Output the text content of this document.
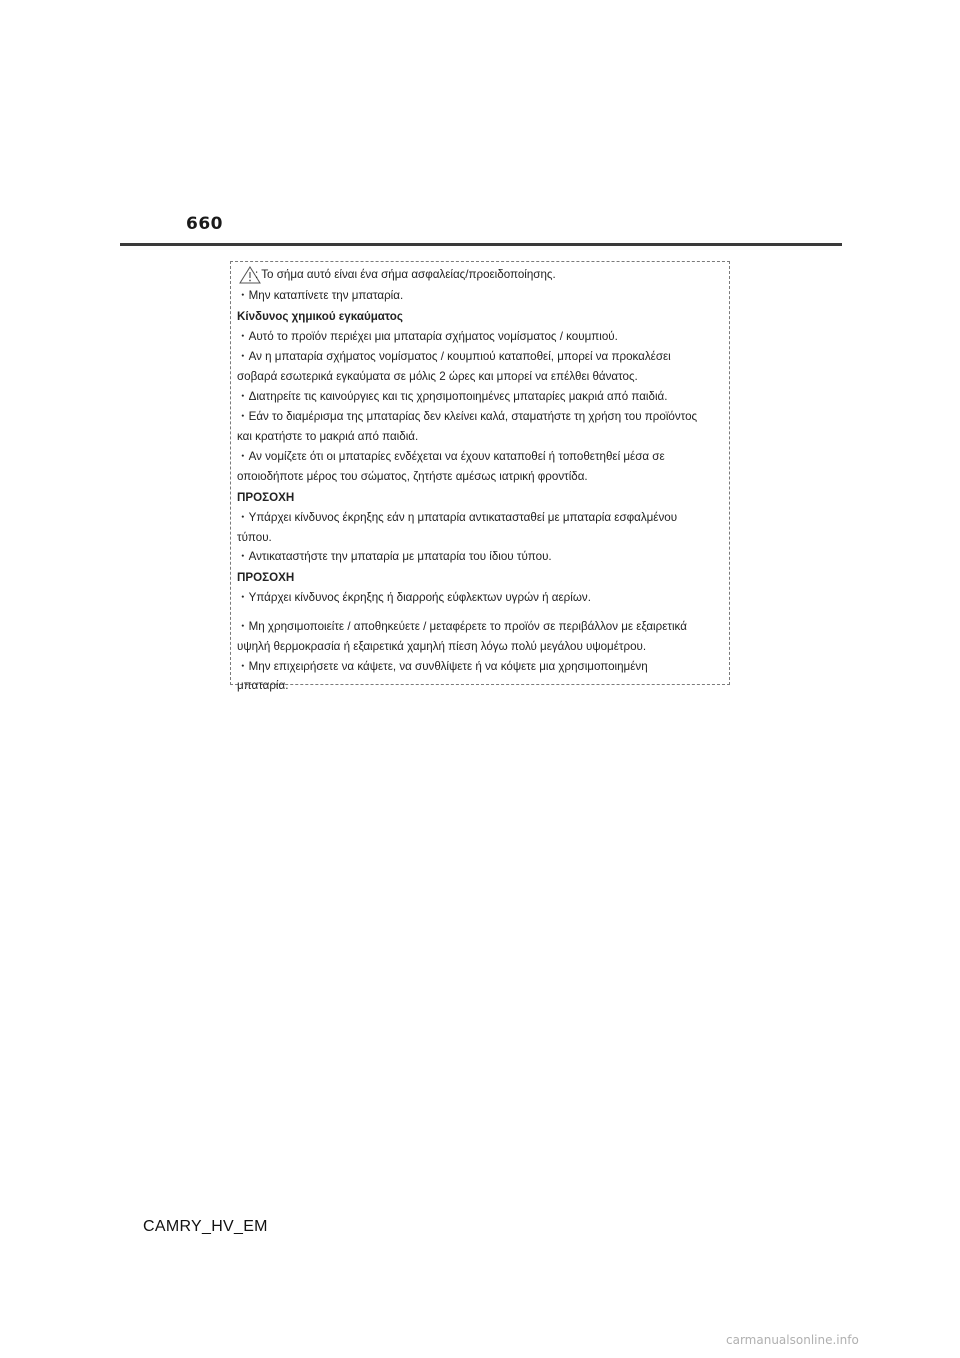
660
: Το σήμα αυτό είναι ένα σήμα ασφαλείας/προειδοποίησης.
・Μην καταπίνετε την μπαταρία.
Κίνδυνος χημικού εγκαύματος
・Αυτό το προϊόν περιέχει μια μπαταρία σχήματος νομίσματος / κουμπιού.
・Αν η μπαταρία σχήματος νομίσματος / κουμπιού καταποθεί, μπορεί να προκαλέσει
σοβαρά εσωτερικά εγκαύματα σε μόλις 2 ώρες και μπορεί να επέλθει θάνατος.
・Διατηρείτε τις καινούργιες και τις χρησιμοποιημένες μπαταρίες μακριά από παιδιά.
・Εάν το διαμέρισμα της μπαταρίας δεν κλείνει καλά, σταματήστε τη χρήση του προϊόντος
και κρατήστε το μακριά από παιδιά.
・Αν νομίζετε ότι οι μπαταρίες ενδέχεται να έχουν καταποθεί ή τοποθετηθεί μέσα σε
οποιοδήποτε μέρος του σώματος, ζητήστε αμέσως ιατρική φροντίδα.
ΠΡΟΣΟΧΗ
・Υπάρχει κίνδυνος έκρηξης εάν η μπαταρία αντικατασταθεί με μπαταρία εσφαλμένου
τύπου.
・Αντικαταστήστε την μπαταρία με μπαταρία του ίδιου τύπου.
ΠΡΟΣΟΧΗ
・Υπάρχει κίνδυνος έκρηξης ή διαρροής εύφλεκτων υγρών ή αερίων.
・Μη χρησιμοποιείτε / αποθηκεύετε / μεταφέρετε το προϊόν σε περιβάλλον με εξαιρετικά
υψηλή θερμοκρασία ή εξαιρετικά χαμηλή πίεση λόγω πολύ μεγάλου υψομέτρου.
・Μην επιχειρήσετε να κάψετε, να συνθλίψετε ή να κόψετε μια χρησιμοποιημένη
μπαταρία.
CAMRY_HV_EM
carmanualsonline.info
